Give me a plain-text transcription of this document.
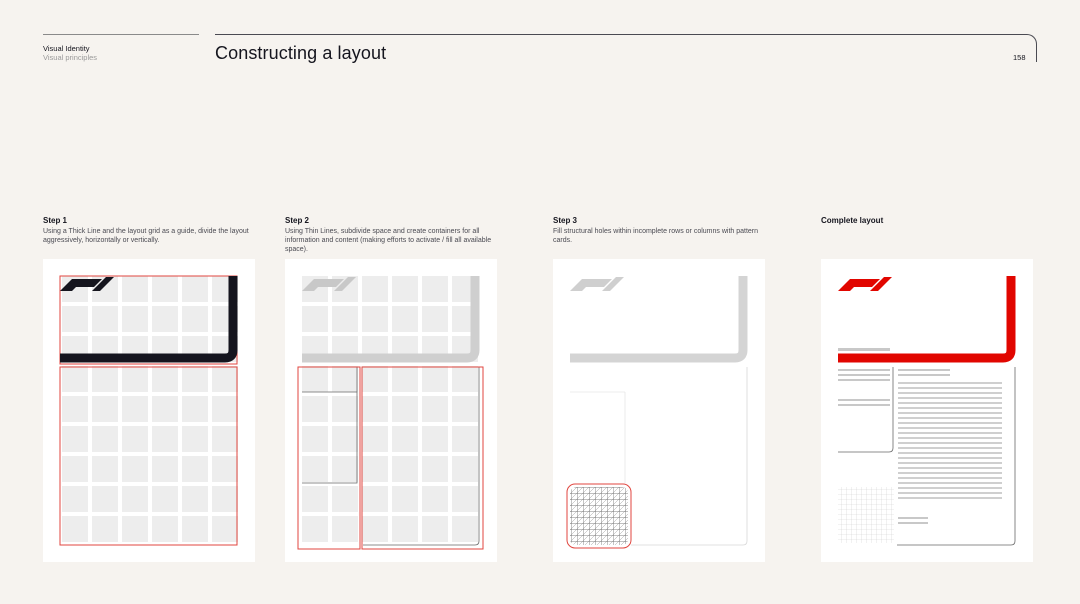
Visual Identity
Visual principles	Constructing a layout	158
Step 1

Using a Thick Line and the layout grid as a guide, divide the layout aggressively, horizontally or vertically.

Step 2

Using Thin Lines, subdivide space and create containers for all information and content (making efforts to activate / fill all available space).

Step 3

Fill structural holes within incomplete rows or columns with pattern cards.

Complete layout
